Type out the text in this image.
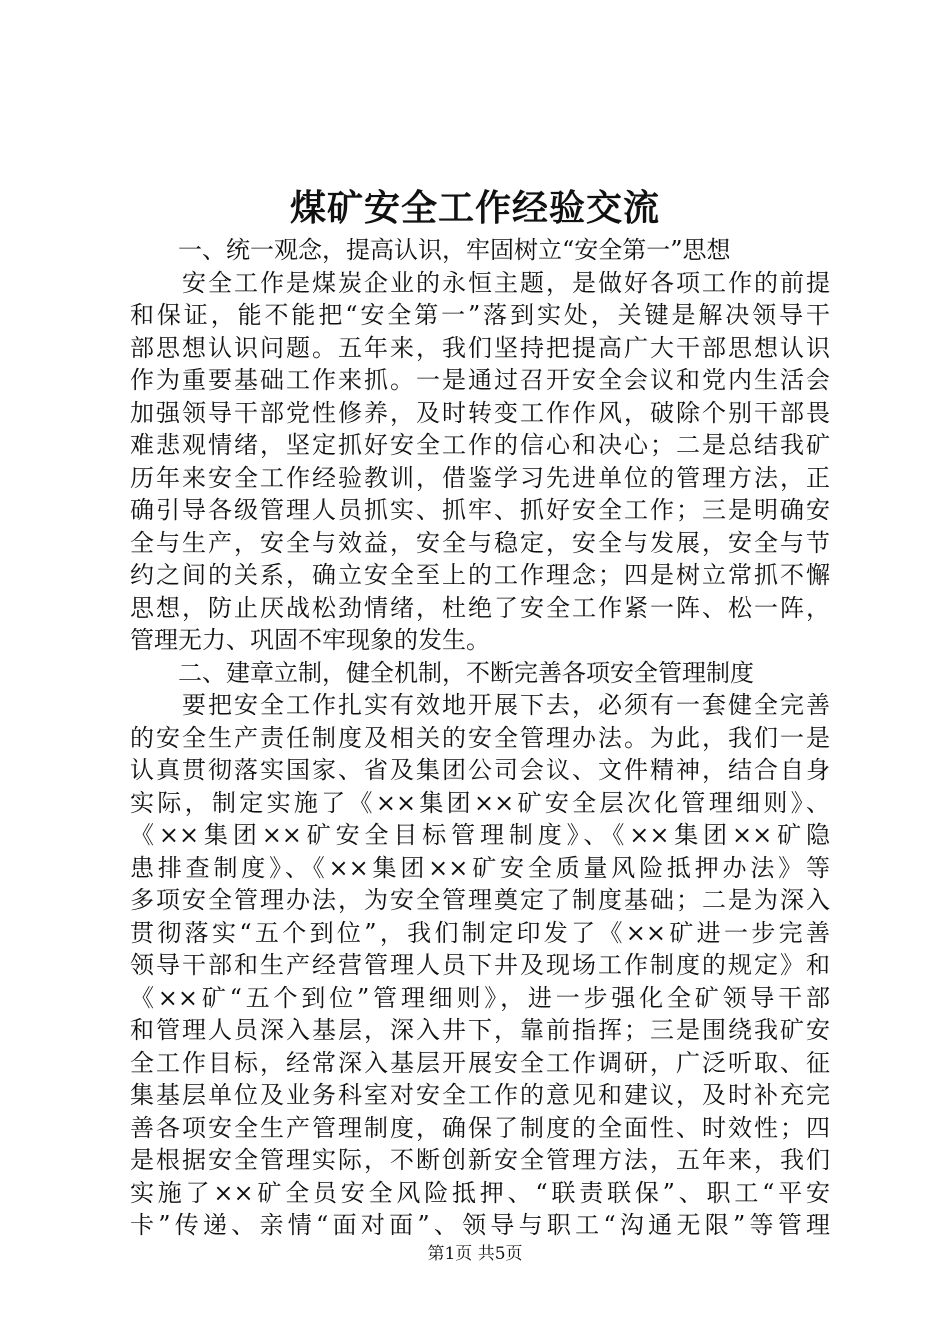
煤矿安全工作经验交流
一、统一观念，提高认识，牢固树立“安全第一”思想
安全工作是煤炭企业的永恒主题，是做好各项工作的前提
和保证，能不能把“安全第一”落到实处，关键是解决领导干
部思想认识问题。五年来，我们坚持把提高广大干部思想认识
作为重要基础工作来抓。一是通过召开安全会议和党内生活会
加强领导干部党性修养，及时转变工作作风，破除个别干部畏
难悲观情绪，坚定抓好安全工作的信心和决心；二是总结我矿
历年来安全工作经验教训，借鉴学习先进单位的管理方法，正
确引导各级管理人员抓实、抓牢、抓好安全工作；三是明确安
全与生产，安全与效益，安全与稳定，安全与发展，安全与节
约之间的关系，确立安全至上的工作理念；四是树立常抓不懈
思想，防止厌战松劲情绪，杜绝了安全工作紧一阵、松一阵，
管理无力、巩固不牢现象的发生。
二、建章立制，健全机制，不断完善各项安全管理制度
要把安全工作扎实有效地开展下去，必须有一套健全完善
的安全生产责任制度及相关的安全管理办法。为此，我们一是
认真贯彻落实国家、省及集团公司会议、文件精神，结合自身
实际，制定实施了《××集团××矿安全层次化管理细则》、
《××集团××矿安全目标管理制度》、《××集团××矿隐
患排查制度》、《××集团××矿安全质量风险抵押办法》等
多项安全管理办法，为安全管理奠定了制度基础；二是为深入
贯彻落实“五个到位”，我们制定印发了《××矿进一步完善
领导干部和生产经营管理人员下井及现场工作制度的规定》和
《××矿“五个到位”管理细则》，进一步强化全矿领导干部
和管理人员深入基层，深入井下，靠前指挥；三是围绕我矿安
全工作目标，经常深入基层开展安全工作调研，广泛听取、征
集基层单位及业务科室对安全工作的意见和建议，及时补充完
善各项安全生产管理制度，确保了制度的全面性、时效性；四
是根据安全管理实际，不断创新安全管理方法，五年来，我们
实施了××矿全员安全风险抵押、“联责联保”、职工“平安
卡”传递、亲情“面对面”、领导与职工“沟通无限”等管理
第1页 共5页
